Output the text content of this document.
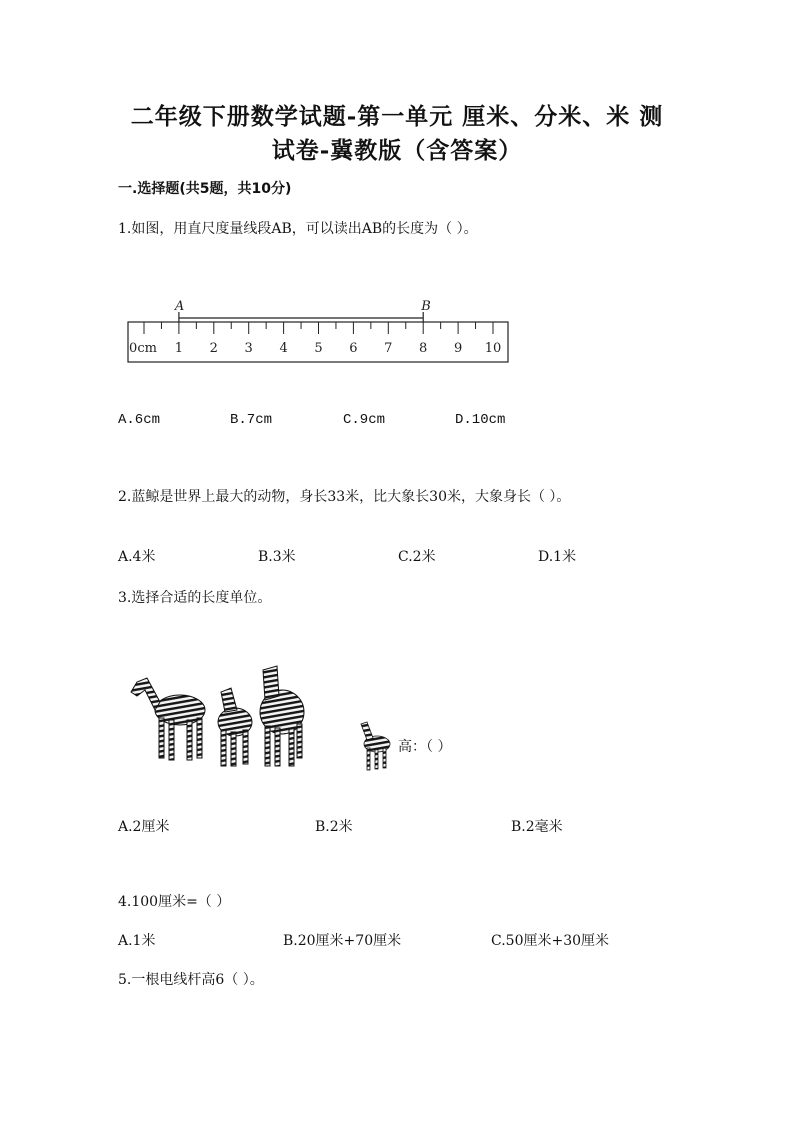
二年级下册数学试题-第一单元 厘米、分米、米 测
试卷-冀教版（含答案）
一.选择题(共5题，共10分)
1.如图，用直尺度量线段AB，可以读出AB的长度为（ ）。
0cm 1 2 3 4 5 6 7 8 9 10
A	B
A.6cm	B.7cm	C.9cm	D.10cm
2.蓝鲸是世界上最大的动物，身长33米，比大象长30米，大象身长（ ）。
A.4米	B.3米	C.2米	D.1米
3.选择合适的长度单位。
高：（ ）
A.2厘米	B.2米	B.2毫米
4.100厘米=（ ）
A.1米	B.20厘米+70厘米	C.50厘米+30厘米
5.一根电线杆高6（ ）。
